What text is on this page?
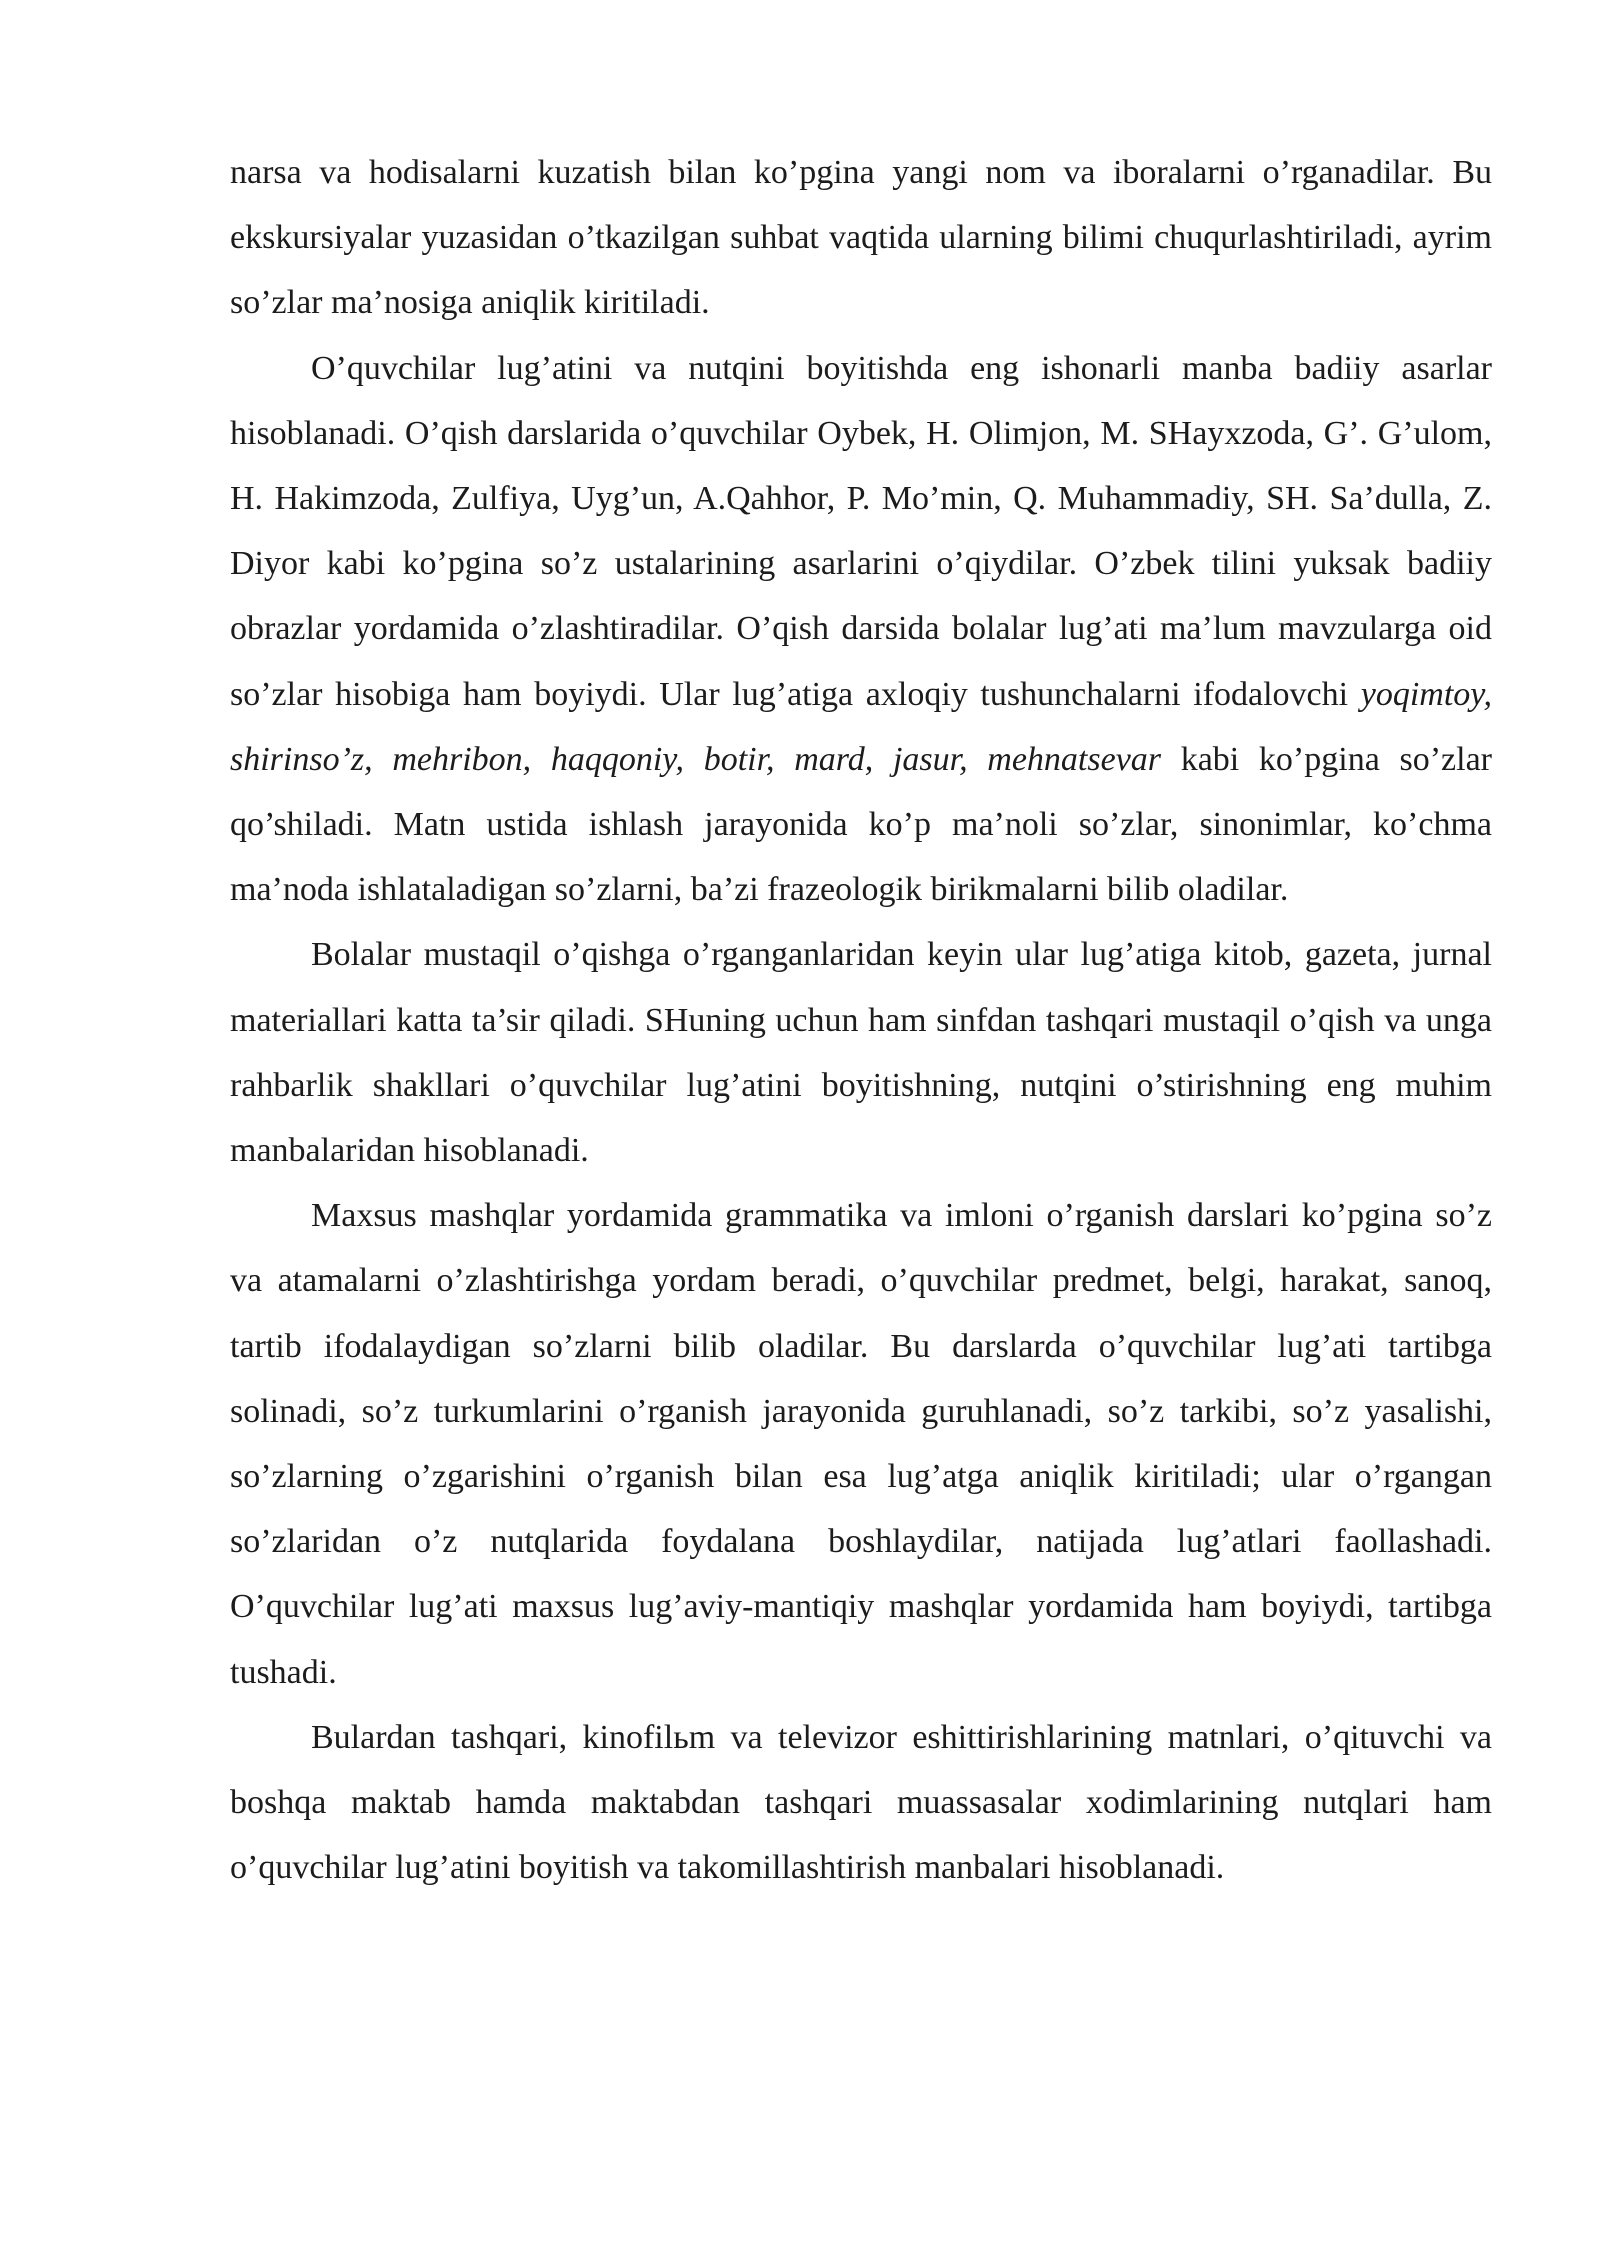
narsa va hodisalarni kuzatish bilan ko’pgina yangi nom va iboralarni o’rganadilar. Bu ekskursiyalar yuzasidan o’tkazilgan suhbat vaqtida ularning bilimi chuqurlashtiriladi, ayrim so’zlar ma’nosiga aniqlik kiritiladi.

O’quvchilar lug’atini va nutqini boyitishda eng ishonarli manba badiiy asarlar hisoblanadi. O’qish darslarida o’quvchilar Oybek, H. Olimjon, M. SHayxzoda, G’. G’ulom, H. Hakimzoda, Zulfiya, Uyg’un, A.Qahhor, P. Mo’min, Q. Muhammadiy, SH. Sa’dulla, Z. Diyor kabi ko’pgina so’z ustalarining asarlarini o’qiydilar. O’zbek tilini yuksak badiiy obrazlar yordamida o’zlashtiradilar. O’qish darsida bolalar lug’ati ma’lum mavzularga oid so’zlar hisobiga ham boyiydi. Ular lug’atiga axloqiy tushunchalarni ifodalovchi yoqimtoy, shirinso’z, mehribon, haqqoniy, botir, mard, jasur, mehnatsevar kabi ko’pgina so’zlar qo’shiladi. Matn ustida ishlash jarayonida ko’p ma’noli so’zlar, sinonimlar, ko’chma ma’noda ishlataladigan so’zlarni, ba’zi frazeologik birikmalarni bilib oladilar.

Bolalar mustaqil o’qishga o’rganganlaridan keyin ular lug’atiga kitob, gazeta, jurnal materiallari katta ta’sir qiladi. SHuning uchun ham sinfdan tashqari mustaqil o’qish va unga rahbarlik shakllari o’quvchilar lug’atini boyitishning, nutqini o’stirishning eng muhim manbalaridan hisoblanadi.

Maxsus mashqlar yordamida grammatika va imloni o’rganish darslari ko’pgina so’z va atamalarni o’zlashtirishga yordam beradi, o’quvchilar predmet, belgi, harakat, sanoq, tartib ifodalaydigan so’zlarni bilib oladilar. Bu darslarda o’quvchilar lug’ati tartibga solinadi, so’z turkumlarini o’rganish jarayonida guruhlanadi, so’z tarkibi, so’z yasalishi, so’zlarning o’zgarishini o’rganish bilan esa lug’atga aniqlik kiritiladi; ular o’rgangan so’zlaridan o’z nutqlarida foydalana boshlaydilar, natijada lug’atlari faollashadi. O’quvchilar lug’ati maxsus lug’aviy-mantiqiy mashqlar yordamida ham boyiydi, tartibga tushadi.

Bulardan tashqari, kinofilьm va televizor eshittirishlarining matnlari, o’qituvchi va boshqa maktab hamda maktabdan tashqari muassasalar xodimlarining nutqlari ham o’quvchilar lug’atini boyitish va takomillashtirish manbalari hisoblanadi.
